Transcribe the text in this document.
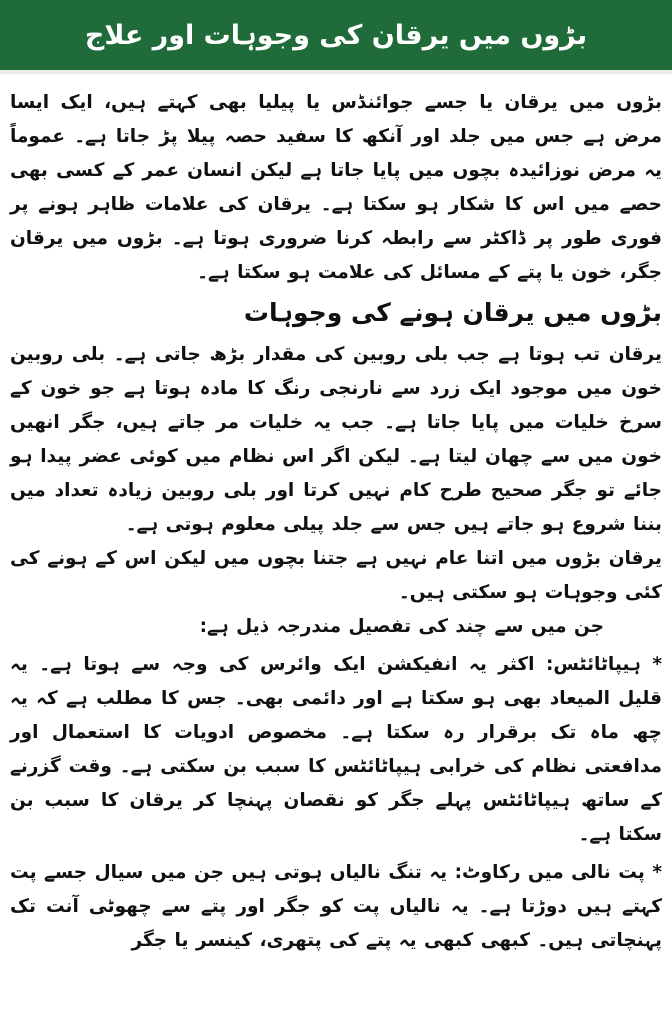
بڑوں میں یرقان کی وجوہات اور علاج

بڑوں میں یرقان یا جسے جوائنڈس یا پیلیا بھی کہتے ہیں، ایک ایسا مرض ہے جس میں جلد اور آنکھ کا سفید حصہ پیلا پڑ جاتا ہے۔ عموماً یہ مرض نوزائیدہ بچوں میں پایا جاتا ہے لیکن انسان عمر کے کسی بھی حصے میں اس کا شکار ہو سکتا ہے۔ یرقان کی علامات ظاہر ہونے پر فوری طور پر ڈاکٹر سے رابطہ کرنا ضروری ہوتا ہے۔ بڑوں میں یرقان جگر، خون یا پتے کے مسائل کی علامت ہو سکتا ہے۔

بڑوں میں یرقان ہونے کی وجوہات

یرقان تب ہوتا ہے جب بلی روبین کی مقدار بڑھ جاتی ہے۔ بلی روبین خون میں موجود ایک زرد سے نارنجی رنگ کا مادہ ہوتا ہے جو خون کے سرخ خلیات میں پایا جاتا ہے۔ جب یہ خلیات مر جاتے ہیں، جگر انھیں خون میں سے چھان لیتا ہے۔ لیکن اگر اس نظام میں کوئی عضر پیدا ہو جائے تو جگر صحیح طرح کام نہیں کرتا اور بلی روبین زیادہ تعداد میں بننا شروع ہو جاتے ہیں جس سے جلد پیلی معلوم ہوتی ہے۔

یرقان بڑوں میں اتنا عام نہیں ہے جتنا بچوں میں لیکن اس کے ہونے کی کئی وجوہات ہو سکتی ہیں۔

جن میں سے چند کی تفصیل مندرجہ ذیل ہے:

* ہیپاٹائٹس: اکثر یہ انفیکشن ایک وائرس کی وجہ سے ہوتا ہے۔ یہ قلیل المیعاد بھی ہو سکتا ہے اور دائمی بھی۔ جس کا مطلب ہے کہ یہ چھ ماہ تک برقرار رہ سکتا ہے۔ مخصوص ادویات کا استعمال اور مدافعتی نظام کی خرابی ہیپاٹائٹس کا سبب بن سکتی ہے۔ وقت گزرنے کے ساتھ ہیپاٹائٹس پہلے جگر کو نقصان پہنچا کر یرقان کا سبب بن سکتا ہے۔

* پت نالی میں رکاوٹ: یہ تنگ نالیاں ہوتی ہیں جن میں سیال جسے پت کہتے ہیں دوڑتا ہے۔ یہ نالیاں پت کو جگر اور پتے سے چھوٹی آنت تک پہنچاتی ہیں۔ کبھی کبھی یہ پتے کی پتھری، کینسر یا جگر
